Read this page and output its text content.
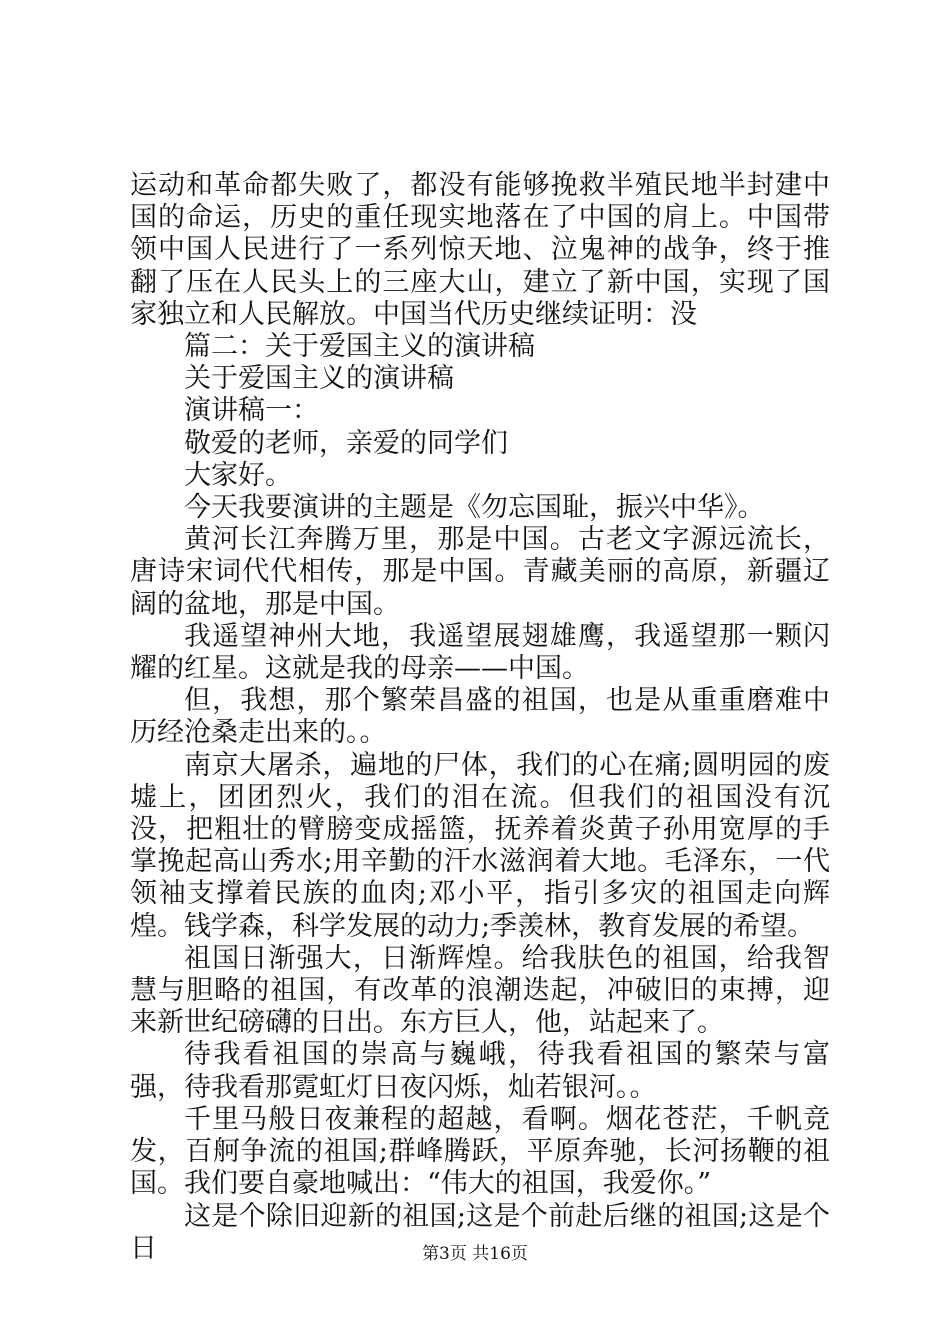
运动和革命都失败了，都没有能够挽救半殖民地半封建中国的命运，历史的重任现实地落在了中国的肩上。中国带领中国人民进行了一系列惊天地、泣鬼神的战争，终于推翻了压在人民头上的三座大山，建立了新中国，实现了国家独立和人民解放。中国当代历史继续证明：没

篇二：关于爱国主义的演讲稿

关于爱国主义的演讲稿

演讲稿一：

敬爱的老师，亲爱的同学们

大家好。

今天我要演讲的主题是《勿忘国耻，振兴中华》。

黄河长江奔腾万里，那是中国。古老文字源远流长，唐诗宋词代代相传，那是中国。青藏美丽的高原，新疆辽阔的盆地，那是中国。

我遥望神州大地，我遥望展翅雄鹰，我遥望那一颗闪耀的红星。这就是我的母亲——中国。

但，我想，那个繁荣昌盛的祖国，也是从重重磨难中历经沧桑走出来的。。

南京大屠杀，遍地的尸体，我们的心在痛;圆明园的废墟上，团团烈火，我们的泪在流。但我们的祖国没有沉没，把粗壮的臂膀变成摇篮，抚养着炎黄子孙用宽厚的手掌挽起高山秀水;用辛勤的汗水滋润着大地。毛泽东，一代领袖支撑着民族的血肉;邓小平，指引多灾的祖国走向辉煌。钱学森，科学发展的动力;季羡林，教育发展的希望。

祖国日渐强大，日渐辉煌。给我肤色的祖国，给我智慧与胆略的祖国，有改革的浪潮迭起，冲破旧的束搏，迎来新世纪磅礴的日出。东方巨人，他，站起来了。

待我看祖国的崇高与巍峨，待我看祖国的繁荣与富强，待我看那霓虹灯日夜闪烁，灿若银河。。

千里马般日夜兼程的超越，看啊。烟花苍茫，千帆竞发，百舸争流的祖国;群峰腾跃，平原奔驰，长河扬鞭的祖国。我们要自豪地喊出：“伟大的祖国，我爱你。”

这是个除旧迎新的祖国;这是个前赴后继的祖国;这是个日	第3页 共16页
